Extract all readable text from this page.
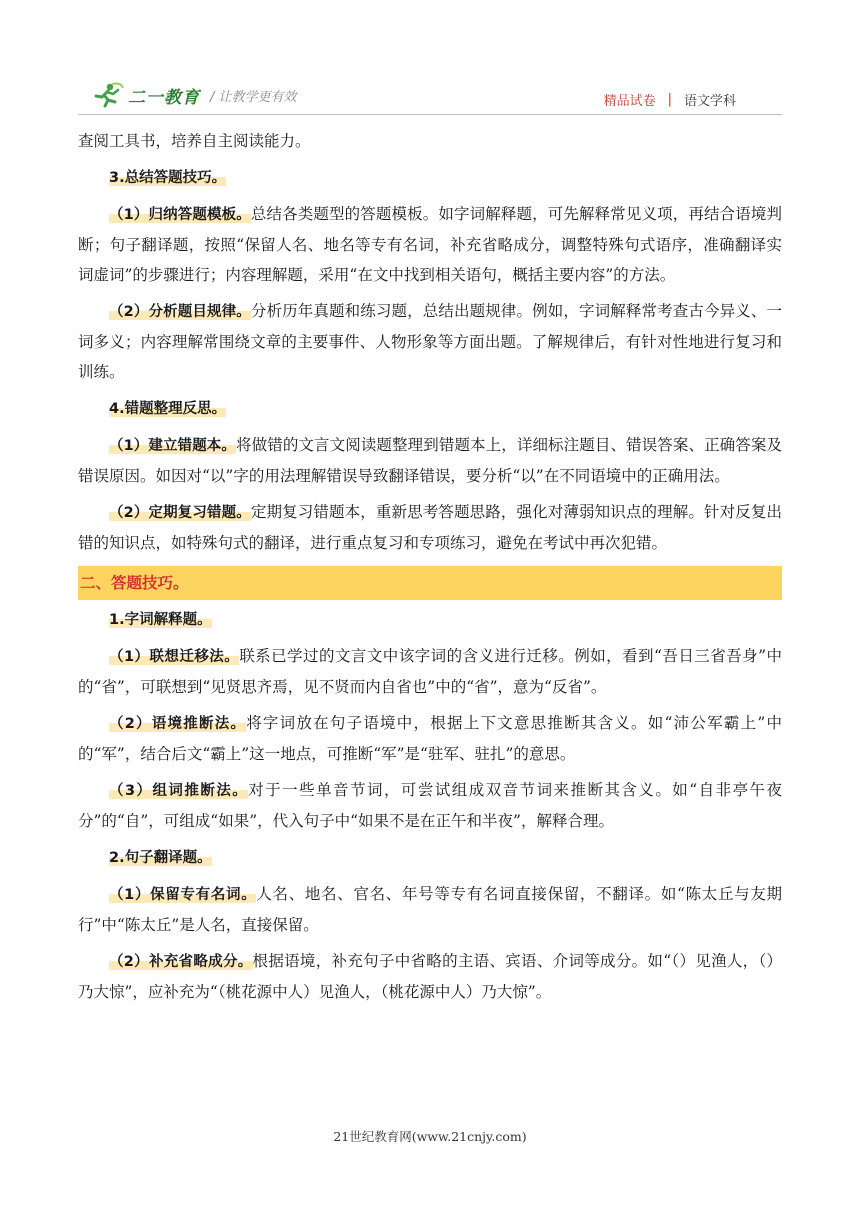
二一教育 / 让教学更有效	精品试卷 | 语文学科

查阅工具书，培养自主阅读能力。

3.总结答题技巧。

（1）归纳答题模板。总结各类题型的答题模板。如字词解释题，可先解释常见义项，再结合语境判断；句子翻译题，按照“保留人名、地名等专有名词，补充省略成分，调整特殊句式语序，准确翻译实词虚词”的步骤进行；内容理解题，采用“在文中找到相关语句，概括主要内容”的方法。

（2）分析题目规律。分析历年真题和练习题，总结出题规律。例如，字词解释常考查古今异义、一词多义；内容理解常围绕文章的主要事件、人物形象等方面出题。了解规律后，有针对性地进行复习和训练。

4.错题整理反思。

（1）建立错题本。将做错的文言文阅读题整理到错题本上，详细标注题目、错误答案、正确答案及错误原因。如因对“以”字的用法理解错误导致翻译错误，要分析“以”在不同语境中的正确用法。

（2）定期复习错题。定期复习错题本，重新思考答题思路，强化对薄弱知识点的理解。针对反复出错的知识点，如特殊句式的翻译，进行重点复习和专项练习，避免在考试中再次犯错。

二、答题技巧。

1.字词解释题。

（1）联想迁移法。联系已学过的文言文中该字词的含义进行迁移。例如，看到“吾日三省吾身”中的“省”，可联想到“见贤思齐焉，见不贤而内自省也”中的“省”，意为“反省”。

（2）语境推断法。将字词放在句子语境中，根据上下文意思推断其含义。如“沛公军霸上”中的“军”，结合后文“霸上”这一地点，可推断“军”是“驻军、驻扎”的意思。

（3）组词推断法。对于一些单音节词，可尝试组成双音节词来推断其含义。如“自非亭午夜分”的“自”，可组成“如果”，代入句子中“如果不是在正午和半夜”，解释合理。

2.句子翻译题。

（1）保留专有名词。人名、地名、官名、年号等专有名词直接保留，不翻译。如“陈太丘与友期行”中“陈太丘”是人名，直接保留。

（2）补充省略成分。根据语境，补充句子中省略的主语、宾语、介词等成分。如“（）见渔人，（）乃大惊”，应补充为“（桃花源中人）见渔人，（桃花源中人）乃大惊”。

21世纪教育网(www.21cnjy.com)
